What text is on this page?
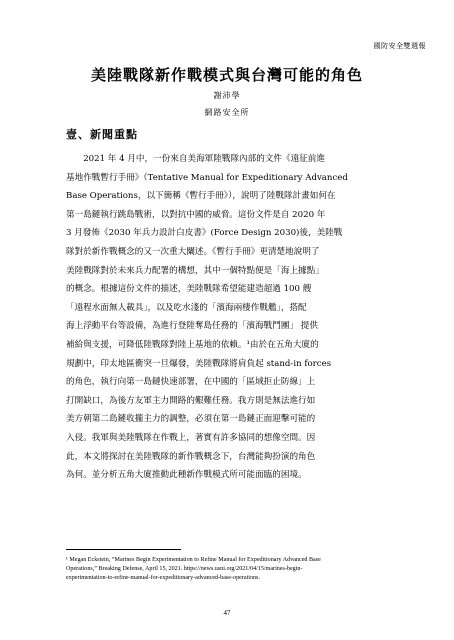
國防安全雙週報
美陸戰隊新作戰模式與台灣可能的角色
謝沛學
網路安全所
壹、新聞重點
　　2021 年 4 月中，一份來自美海軍陸戰隊內部的文件《遠征前進
基地作戰暫行手冊》（Tentative Manual for Expeditionary Advanced
Base Operations，以下簡稱《暫行手冊》），說明了陸戰隊計畫如何在
第一島鏈執行跳島戰術，以對抗中國的威脅。這份文件是自 2020 年
3 月發佈《2030 年兵力設計白皮書》(Force Design 2030)後，美陸戰
隊對於新作戰概念的又一次重大闡述。《暫行手冊》更清楚地說明了
美陸戰隊對於未來兵力配署的構想，其中一個特點便是「海上據點」
的概念。根據這份文件的描述，美陸戰隊希望能建造超過 100 艘
「遠程水面無人載具」，以及吃水淺的「濱海兩棲作戰艦」，搭配
海上浮動平台等設備，為進行登陸奪島任務的「濱海戰鬥團」 提供
補給與支援，可降低陸戰隊對陸上基地的依賴。¹由於在五角大廈的
規劃中，印太地區衝突一旦爆發，美陸戰隊將肩負起 stand-in forces
的角色，執行向第一島鏈快速部署，在中國的「區域拒止防線」上
打開缺口，為後方友軍主力開路的艱難任務。我方則是無法進行如
美方朝第二島鏈收攏主力的調整，必須在第一島鏈正面迎擊可能的
入侵。我軍與美陸戰隊在作戰上，著實有許多協同的想像空間。因
此，本文將探討在美陸戰隊的新作戰概念下，台灣能夠扮演的角色
為何。並分析五角大廈推動此種新作戰模式所可能面臨的困境。
¹ Megan Eckstein, “Marines Begin Experimentation to Refine Manual for Expeditionary Advanced Base
Operations,” Breaking Defense, April 15, 2021. https://news.usni.org/2021/04/15/marines-begin-
experimentation-to-refine-manual-for-expeditionary-advanced-base-operations.
47
